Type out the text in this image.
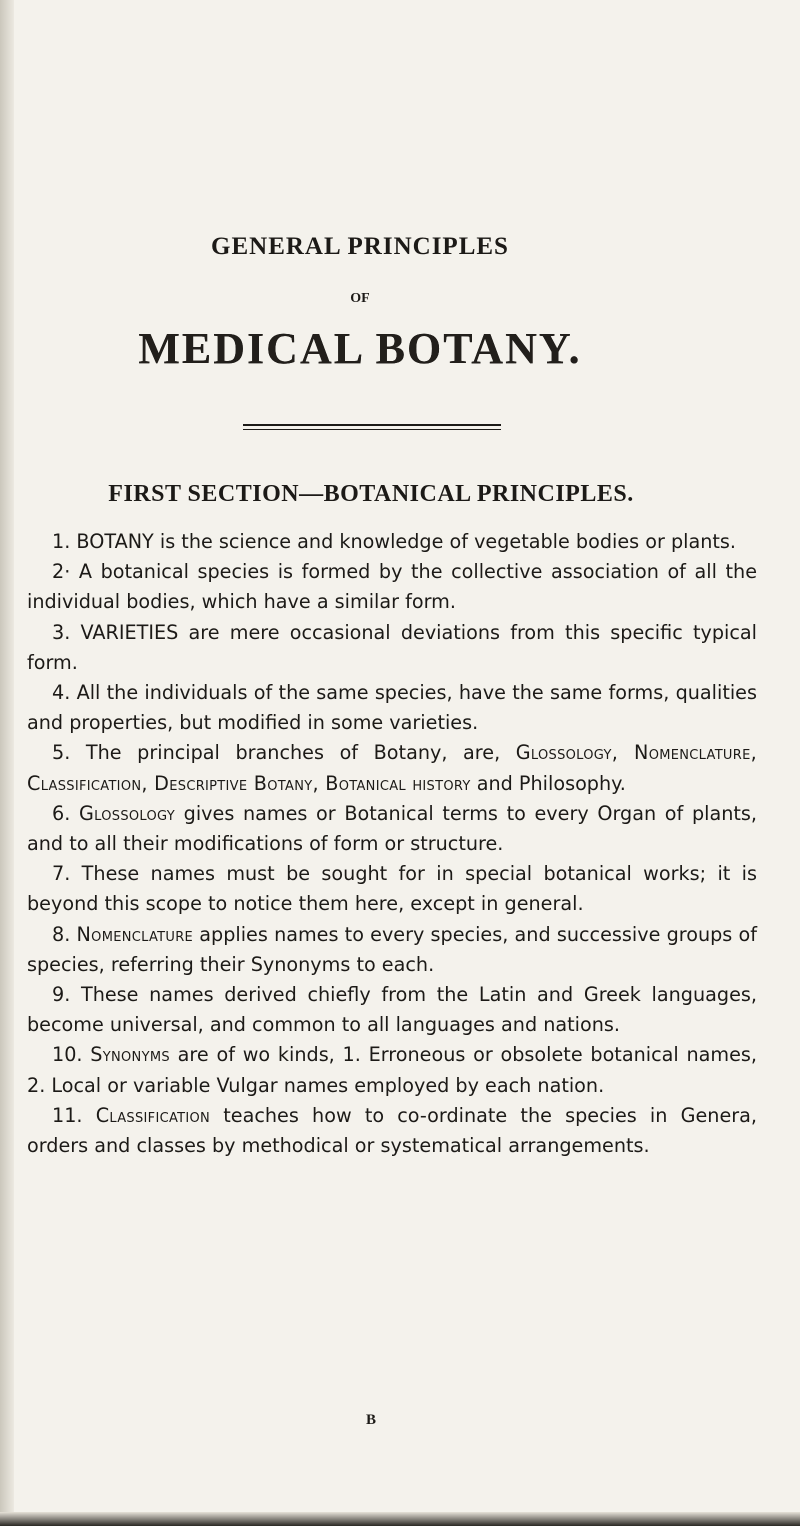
GENERAL PRINCIPLES
OF
MEDICAL BOTANY.
FIRST SECTION—BOTANICAL PRINCIPLES.

1. BOTANY is the science and knowledge of vegetable bodies or plants.

2· A botanical species is formed by the collective association of all the individual bodies, which have a similar form.

3. VARIETIES are mere occasional deviations from this specific typical form.

4. All the individuals of the same species, have the same forms, qualities and properties, but modified in some varieties.

5. The principal branches of Botany, are, Glossology, Nomenclature, Classification, Descriptive Botany, Botanical history and Philosophy.

6. Glossology gives names or Botanical terms to every Organ of plants, and to all their modifications of form or structure.

7. These names must be sought for in special botanical works; it is beyond this scope to notice them here, except in general.

8. Nomenclature applies names to every species, and successive groups of species, referring their Synonyms to each.

9. These names derived chiefly from the Latin and Greek languages, become universal, and common to all languages and nations.

10. Synonyms are of wo kinds, 1. Erroneous or obsolete botanical names, 2. Local or variable Vulgar names employed by each nation.

11. Classification teaches how to co-ordinate the species in Genera, orders and classes by methodical or systematical arrangements.

B
